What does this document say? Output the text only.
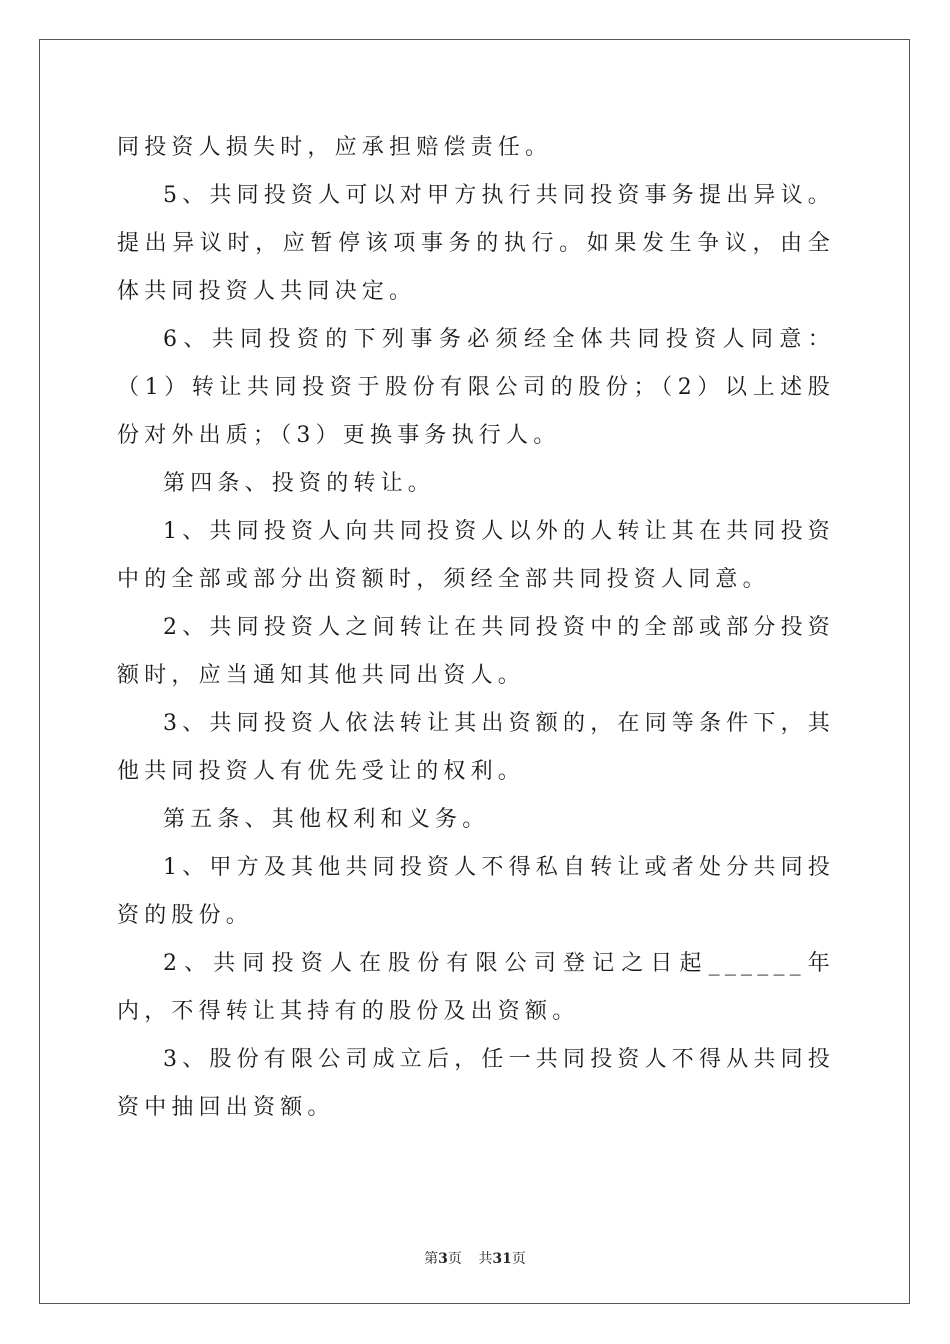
同投资人损失时，应承担赔偿责任。

5、共同投资人可以对甲方执行共同投资事务提出异议。提出异议时，应暂停该项事务的执行。如果发生争议，由全体共同投资人共同决定。

6、共同投资的下列事务必须经全体共同投资人同意：（1）转让共同投资于股份有限公司的股份；（2）以上述股份对外出质；（3）更换事务执行人。

第四条、投资的转让。

1、共同投资人向共同投资人以外的人转让其在共同投资中的全部或部分出资额时，须经全部共同投资人同意。

2、共同投资人之间转让在共同投资中的全部或部分投资额时，应当通知其他共同出资人。

3、共同投资人依法转让其出资额的，在同等条件下，其他共同投资人有优先受让的权利。

第五条、其他权利和义务。

1、甲方及其他共同投资人不得私自转让或者处分共同投资的股份。

2、共同投资人在股份有限公司登记之日起______年内，不得转让其持有的股份及出资额。

3、股份有限公司成立后，任一共同投资人不得从共同投资中抽回出资额。

第3页 共31页
